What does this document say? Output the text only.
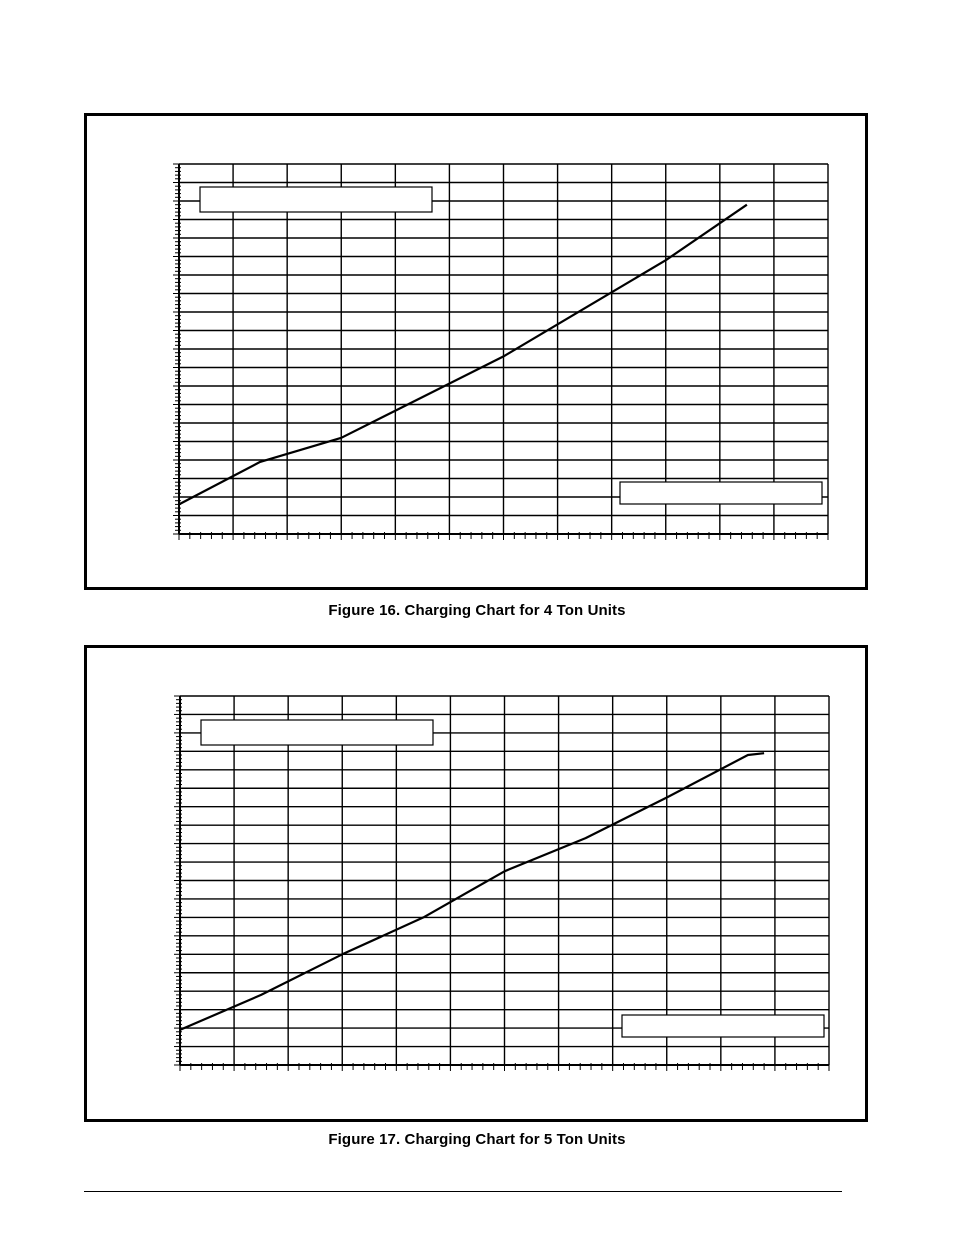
Figure 16. Charging Chart for 4 Ton Units
Figure 17. Charging Chart for 5 Ton Units
